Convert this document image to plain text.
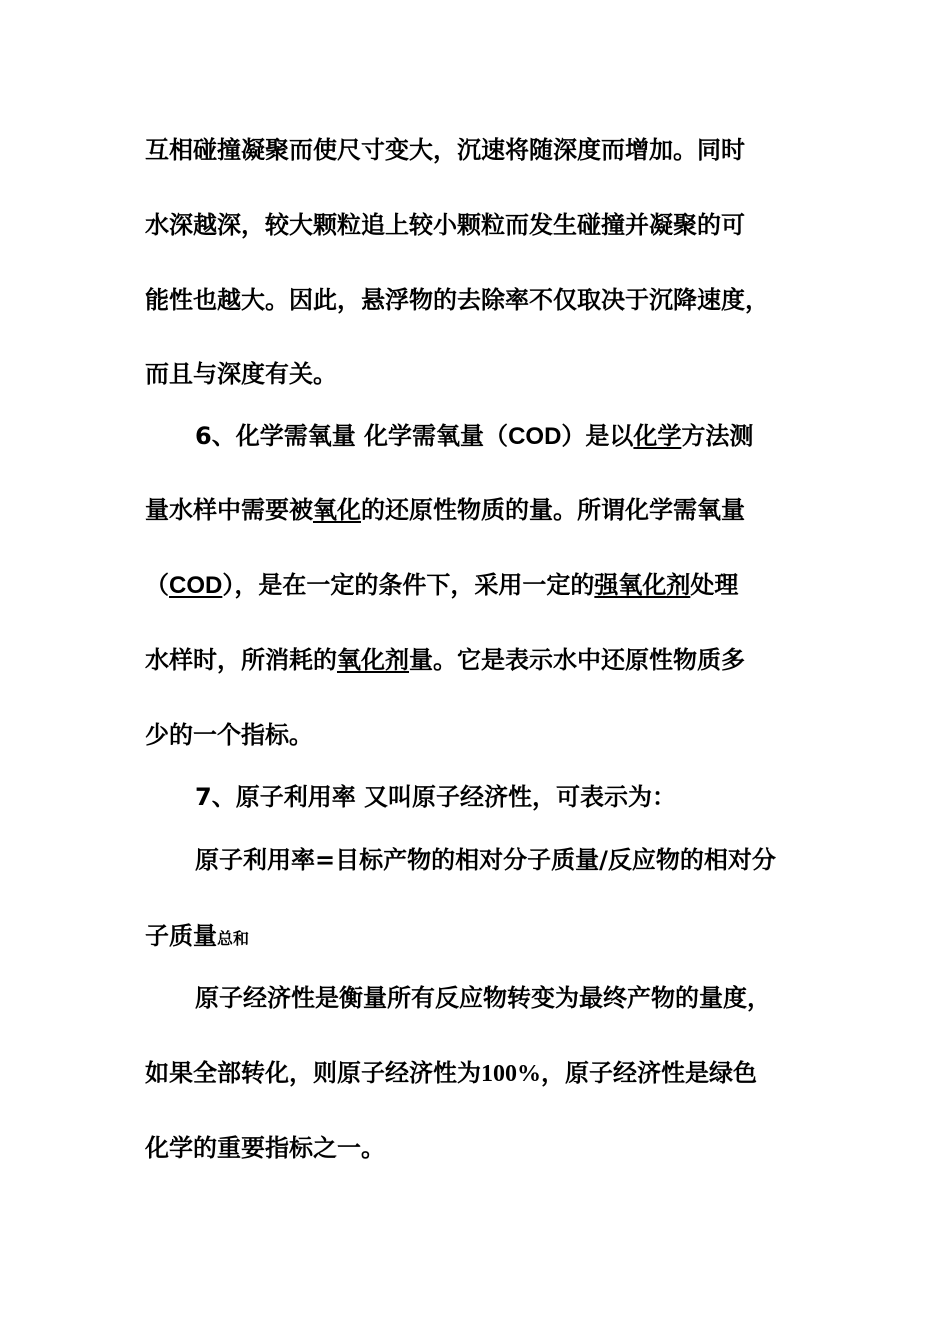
互相碰撞凝聚而使尺寸变大，沉速将随深度而增加。同时
水深越深，较大颗粒追上较小颗粒而发生碰撞并凝聚的可
能性也越大。因此，悬浮物的去除率不仅取决于沉降速度，
而且与深度有关。
6、化学需氧量 化学需氧量（COD）是以化学方法测
量水样中需要被氧化的还原性物质的量。所谓化学需氧量
（COD），是在一定的条件下，采用一定的强氧化剂处理
水样时，所消耗的氧化剂量。它是表示水中还原性物质多
少的一个指标。
7、原子利用率 又叫原子经济性，可表示为：
原子利用率=目标产物的相对分子质量/反应物的相对分
子质量总和
原子经济性是衡量所有反应物转变为最终产物的量度，
如果全部转化，则原子经济性为100%，原子经济性是绿色
化学的重要指标之一。
